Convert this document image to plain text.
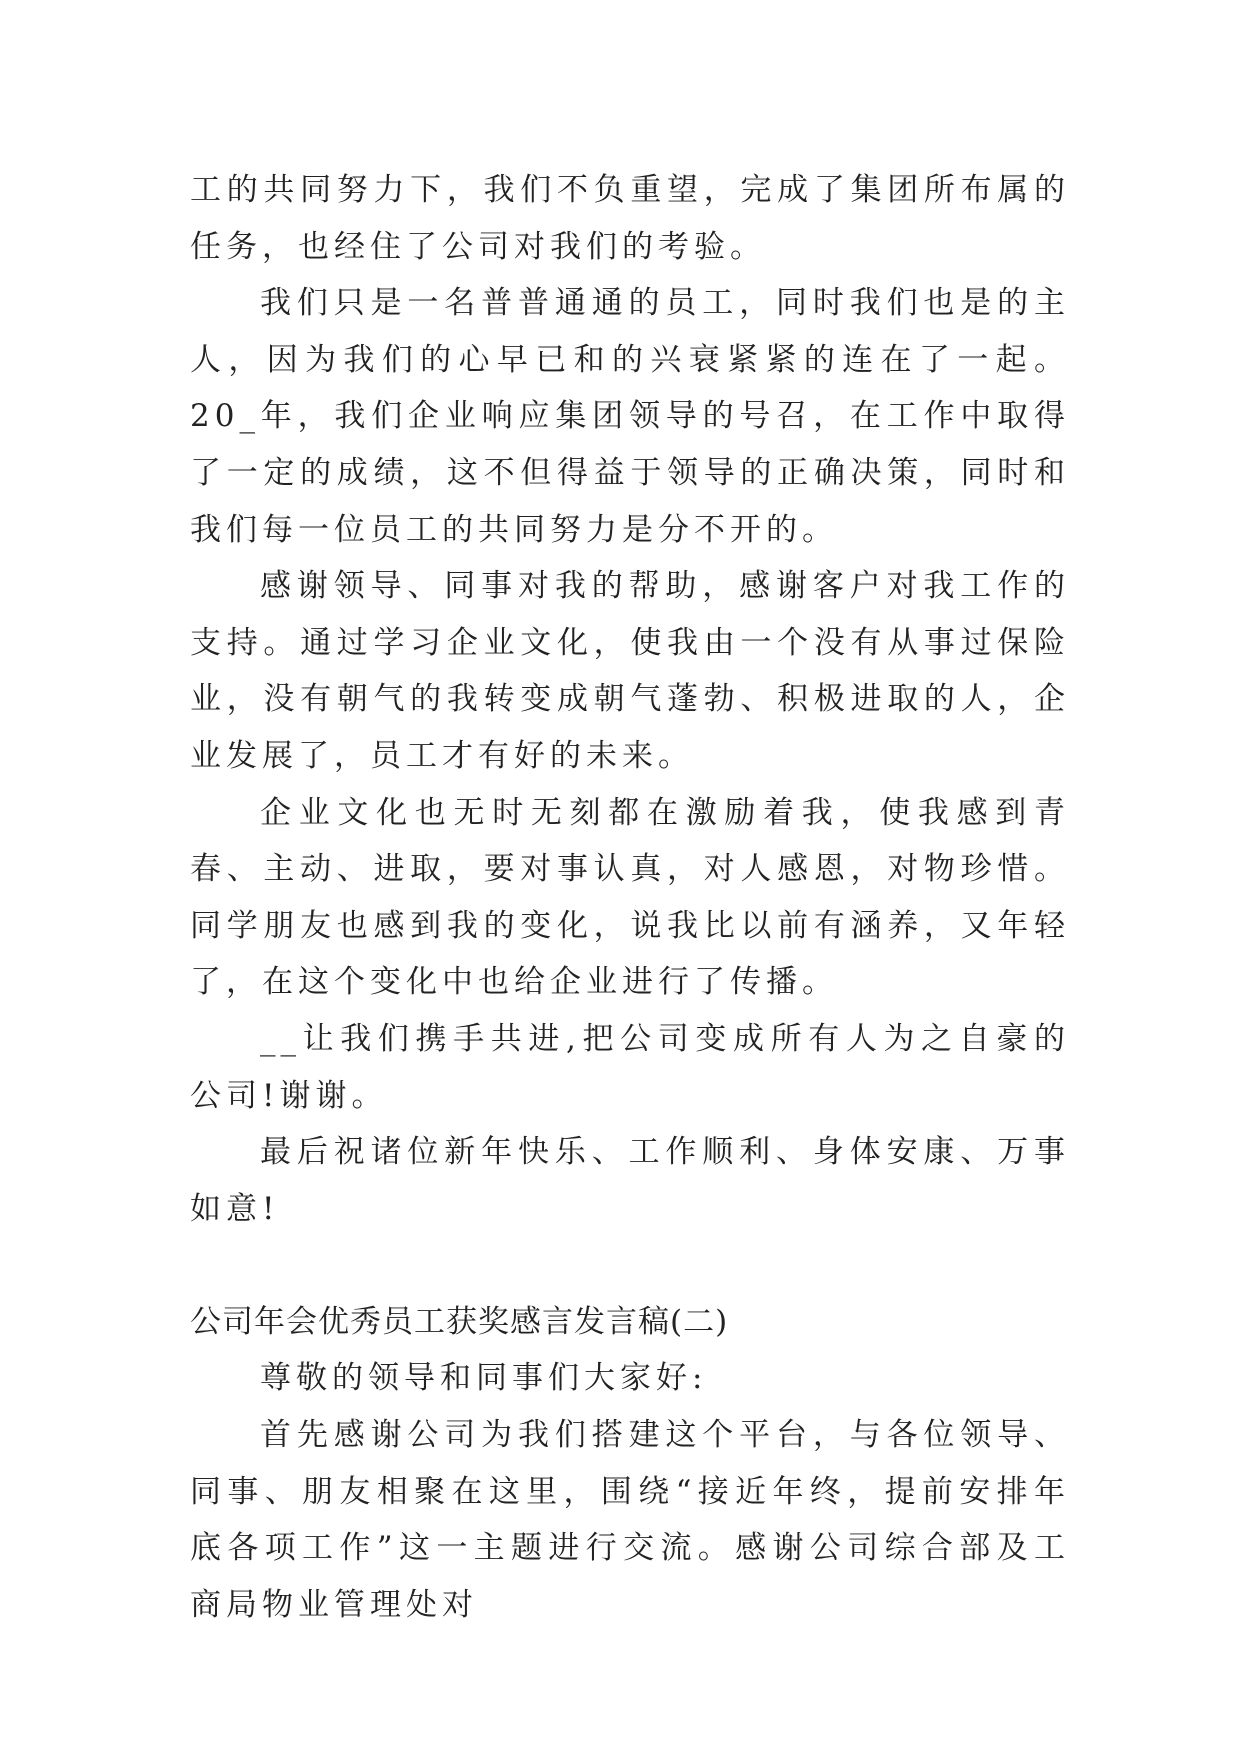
工的共同努力下，我们不负重望，完成了集团所布属的任务，也经住了公司对我们的考验。

我们只是一名普普通通的员工，同时我们也是的主人，因为我们的心早已和的兴衰紧紧的连在了一起。20_年，我们企业响应集团领导的号召，在工作中取得了一定的成绩，这不但得益于领导的正确决策，同时和我们每一位员工的共同努力是分不开的。

感谢领导、同事对我的帮助，感谢客户对我工作的支持。通过学习企业文化，使我由一个没有从事过保险业，没有朝气的我转变成朝气蓬勃、积极进取的人，企业发展了，员工才有好的未来。

企业文化也无时无刻都在激励着我，使我感到青春、主动、进取，要对事认真，对人感恩，对物珍惜。同学朋友也感到我的变化，说我比以前有涵养，又年轻了，在这个变化中也给企业进行了传播。

__让我们携手共进,把公司变成所有人为之自豪的公司!谢谢。

最后祝诸位新年快乐、工作顺利、身体安康、万事如意!

公司年会优秀员工获奖感言发言稿(二)

尊敬的领导和同事们大家好:

首先感谢公司为我们搭建这个平台，与各位领导、同事、朋友相聚在这里，围绕“接近年终，提前安排年底各项工作”这一主题进行交流。感谢公司综合部及工商局物业管理处对
